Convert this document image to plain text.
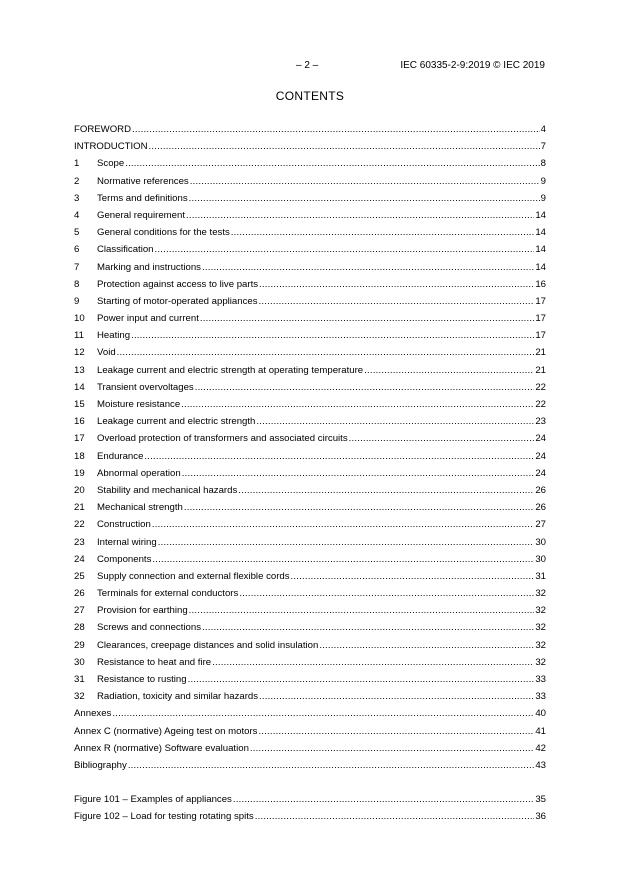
– 2 –	IEC 60335-2-9:2019 © IEC 2019
CONTENTS
FOREWORD .....	4
INTRODUCTION .....	7
1	Scope .....	8
2	Normative references .....	9
3	Terms and definitions .....	9
4	General requirement .....	14
5	General conditions for the tests .....	14
6	Classification .....	14
7	Marking and instructions .....	14
8	Protection against access to live parts .....	16
9	Starting of motor-operated appliances .....	17
10	Power input and current .....	17
11	Heating .....	17
12	Void .....	21
13	Leakage current and electric strength at operating temperature .....	21
14	Transient overvoltages .....	22
15	Moisture resistance .....	22
16	Leakage current and electric strength .....	23
17	Overload protection of transformers and associated circuits .....	24
18	Endurance .....	24
19	Abnormal operation .....	24
20	Stability and mechanical hazards .....	26
21	Mechanical strength .....	26
22	Construction .....	27
23	Internal wiring .....	30
24	Components .....	30
25	Supply connection and external flexible cords .....	31
26	Terminals for external conductors .....	32
27	Provision for earthing .....	32
28	Screws and connections .....	32
29	Clearances, creepage distances and solid insulation .....	32
30	Resistance to heat and fire .....	32
31	Resistance to rusting .....	33
32	Radiation, toxicity and similar hazards .....	33
Annexes .....	40
Annex C (normative) Ageing test on motors .....	41
Annex R (normative) Software evaluation .....	42
Bibliography .....	43
Figure 101 – Examples of appliances .....	35
Figure 102 – Load for testing rotating spits .....	36
